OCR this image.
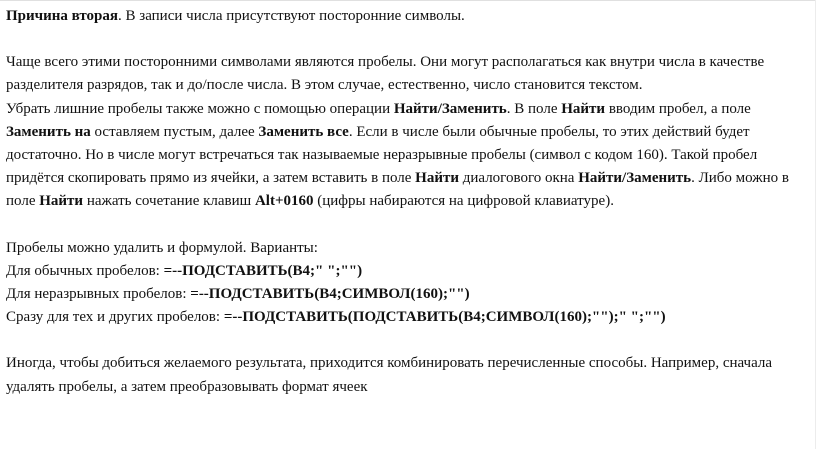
Причина вторая. В записи числа присутствуют посторонние символы.

Чаще всего этими посторонними символами являются пробелы. Они могут располагаться как внутри числа в качестве разделителя разрядов, так и до/после числа. В этом случае, естественно, число становится текстом.

Убрать лишние пробелы также можно с помощью операции Найти/Заменить. В поле Найти вводим пробел, а поле Заменить на оставляем пустым, далее Заменить все. Если в числе были обычные пробелы, то этих действий будет достаточно. Но в числе могут встречаться так называемые неразрывные пробелы (символ с кодом 160). Такой пробел придётся скопировать прямо из ячейки, а затем вставить в поле Найти диалогового окна Найти/Заменить. Либо можно в поле Найти нажать сочетание клавиш Alt+0160 (цифры набираются на цифровой клавиатуре).

Пробелы можно удалить и формулой. Варианты:

Для обычных пробелов: =--ПОДСТАВИТЬ(B4;" ";"")

Для неразрывных пробелов: =--ПОДСТАВИТЬ(B4;СИМВОЛ(160);"")

Сразу для тех и других пробелов: =--ПОДСТАВИТЬ(ПОДСТАВИТЬ(B4;СИМВОЛ(160);"");" ";"")

Иногда, чтобы добиться желаемого результата, приходится комбинировать перечисленные способы. Например, сначала удалять пробелы, а затем преобразовывать формат ячеек
